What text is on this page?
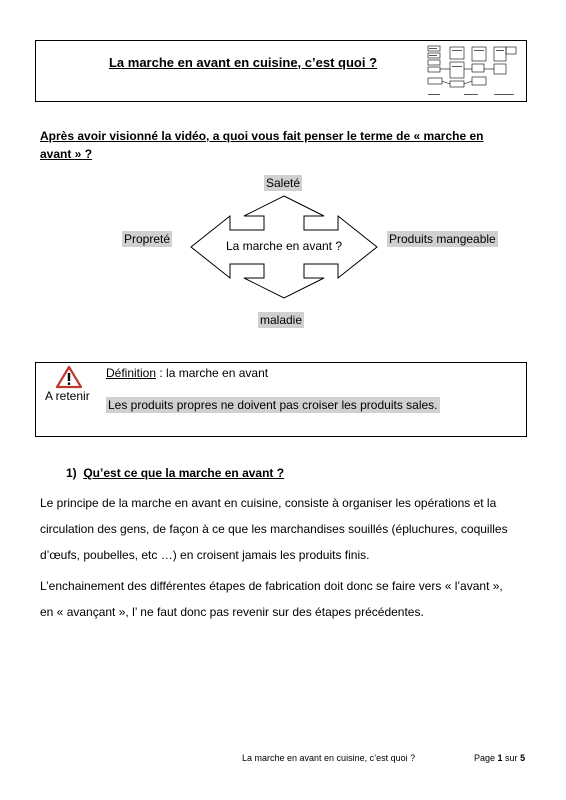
La marche en avant en cuisine, c’est quoi ?
Après avoir visionné la vidéo, a quoi vous fait penser le terme de « marche en avant » ?
La marche en avant ?
Saleté
Propreté	Produits mangeable
maladie
A retenir
Définition : la marche en avant
Les produits propres ne doivent pas croiser les produits sales.
1) Qu’est ce que la marche en avant ?
Le principe de la marche en avant en cuisine, consiste à organiser les opérations et la circulation des gens, de façon à ce que les marchandises souillés (épluchures, coquilles d’œufs, poubelles, etc …) en croisent jamais les produits finis.
L’enchainement des différentes étapes de fabrication doit donc se faire vers « l’avant », en « avançant », l’ ne faut donc pas revenir sur des étapes précédentes.
La marche en avant en cuisine, c’est quoi ?	Page 1 sur 5
